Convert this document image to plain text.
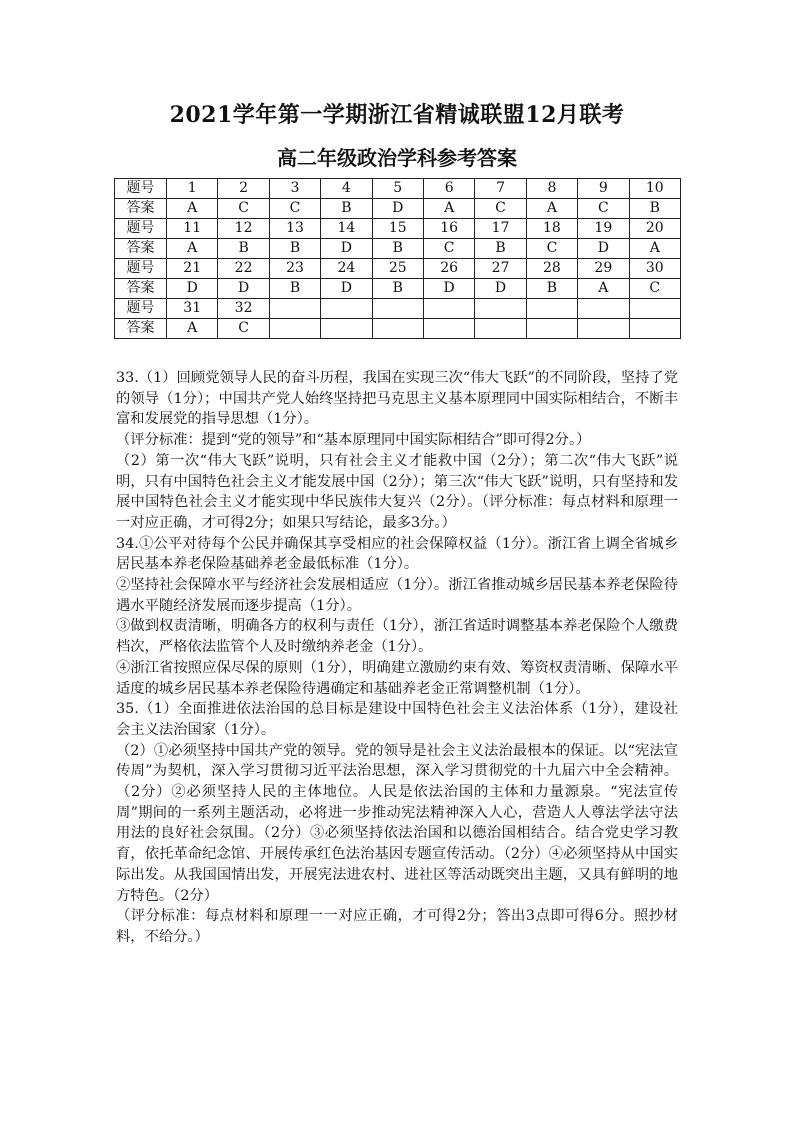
2021学年第一学期浙江省精诚联盟12月联考
高二年级政治学科参考答案
题号	1	2	3	4	5	6	7	8	9	10
答案	A	C	C	B	D	A	C	A	C	B
题号	11	12	13	14	15	16	17	18	19	20
答案	A	B	B	D	B	C	B	C	D	A
题号	21	22	23	24	25	26	27	28	29	30
答案	D	D	B	D	B	D	D	B	A	C
题号	31	32								
答案	A	C								

33.（1）回顾党领导人民的奋斗历程，我国在实现三次“伟大飞跃”的不同阶段，坚持了党的领导（1分）；中国共产党人始终坚持把马克思主义基本原理同中国实际相结合，不断丰富和发展党的指导思想（1分）。

（评分标准：提到“党的领导”和“基本原理同中国实际相结合”即可得2分。）

（2）第一次“伟大飞跃”说明，只有社会主义才能救中国（2分）；第二次“伟大飞跃”说明，只有中国特色社会主义才能发展中国（2分）；第三次“伟大飞跃”说明，只有坚持和发展中国特色社会主义才能实现中华民族伟大复兴（2分）。（评分标准：每点材料和原理一一对应正确，才可得2分；如果只写结论，最多3分。）

34.①公平对待每个公民并确保其享受相应的社会保障权益（1分）。浙江省上调全省城乡居民基本养老保险基础养老金最低标准（1分）。

②坚持社会保障水平与经济社会发展相适应（1分）。浙江省推动城乡居民基本养老保险待遇水平随经济发展而逐步提高（1分）。

③做到权责清晰，明确各方的权利与责任（1分），浙江省适时调整基本养老保险个人缴费档次，严格依法监管个人及时缴纳养老金（1分）。

④浙江省按照应保尽保的原则（1分），明确建立激励约束有效、筹资权责清晰、保障水平适度的城乡居民基本养老保险待遇确定和基础养老金正常调整机制（1分）。

35.（1）全面推进依法治国的总目标是建设中国特色社会主义法治体系（1分），建设社会主义法治国家（1分）。

（2）①必须坚持中国共产党的领导。党的领导是社会主义法治最根本的保证。以“宪法宣传周”为契机，深入学习贯彻习近平法治思想，深入学习贯彻党的十九届六中全会精神。（2分）②必须坚持人民的主体地位。人民是依法治国的主体和力量源泉。“宪法宣传周”期间的一系列主题活动，必将进一步推动宪法精神深入人心，营造人人尊法学法守法用法的良好社会氛围。（2分）③必须坚持依法治国和以德治国相结合。结合党史学习教育，依托革命纪念馆、开展传承红色法治基因专题宣传活动。（2分）④必须坚持从中国实际出发。从我国国情出发，开展宪法进农村、进社区等活动既突出主题，又具有鲜明的地方特色。（2分）

（评分标准：每点材料和原理一一对应正确，才可得2分；答出3点即可得6分。照抄材料，不给分。）
